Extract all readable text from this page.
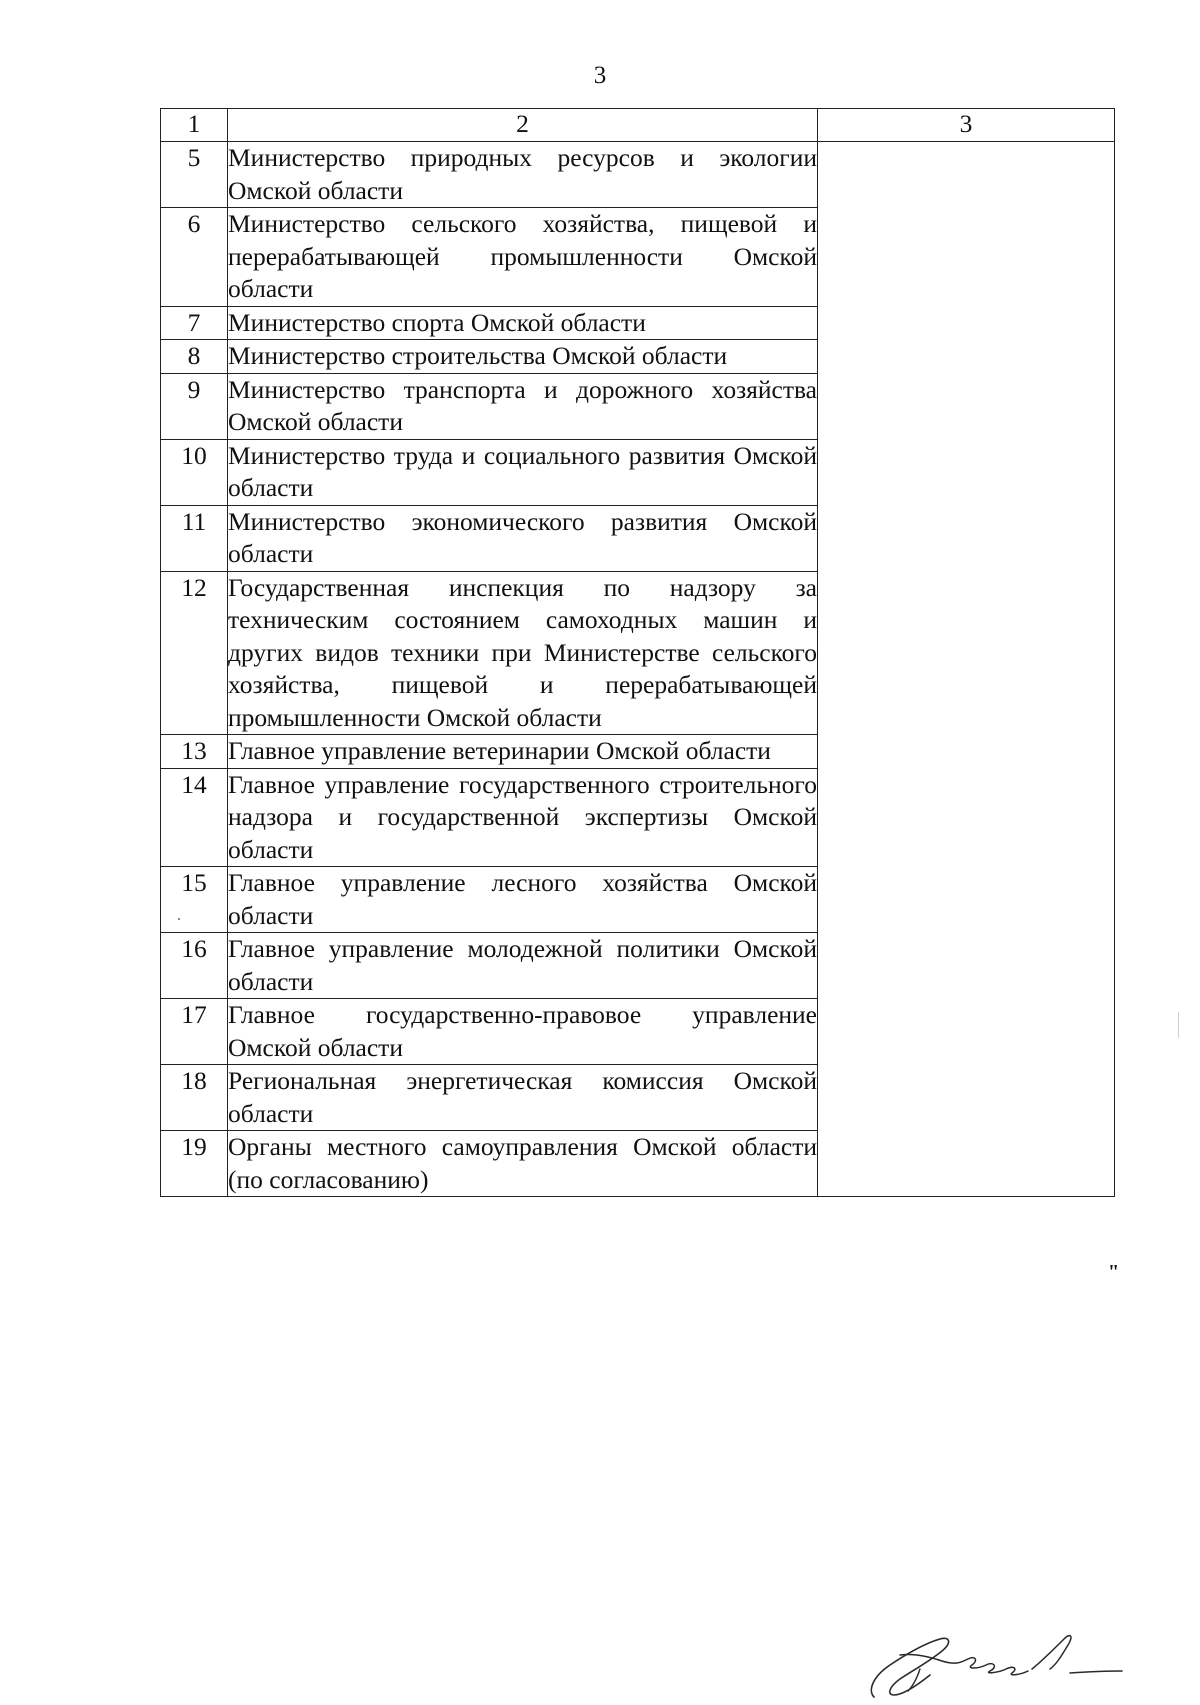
3
1	2	3
5	Министерство природных ресурсов и экологии Омской области	
6	Министерство сельского хозяйства, пищевой и перерабатывающей промышленности Омской области	
7	Министерство спорта Омской области	
8	Министерство строительства Омской области	
9	Министерство транспорта и дорожного хозяйства Омской области	
10	Министерство труда и социального развития Омской области	
11	Министерство экономического развития Омской области	
12	Государственная инспекция по надзору за техническим состоянием самоходных машин и других видов техники при Министерстве сельского хозяйства, пищевой и перерабатывающей промышленности Омской области	
13	Главное управление ветеринарии Омской области	
14	Главное управление государственного строительного надзора и государственной экспертизы Омской области	
15	Главное управление лесного хозяйства Омской области	
16	Главное управление молодежной политики Омской области	
17	Главное государственно-правовое управление Омской области	
18	Региональная энергетическая комиссия Омской области	
19	Органы местного самоуправления Омской области (по согласованию)	
"
